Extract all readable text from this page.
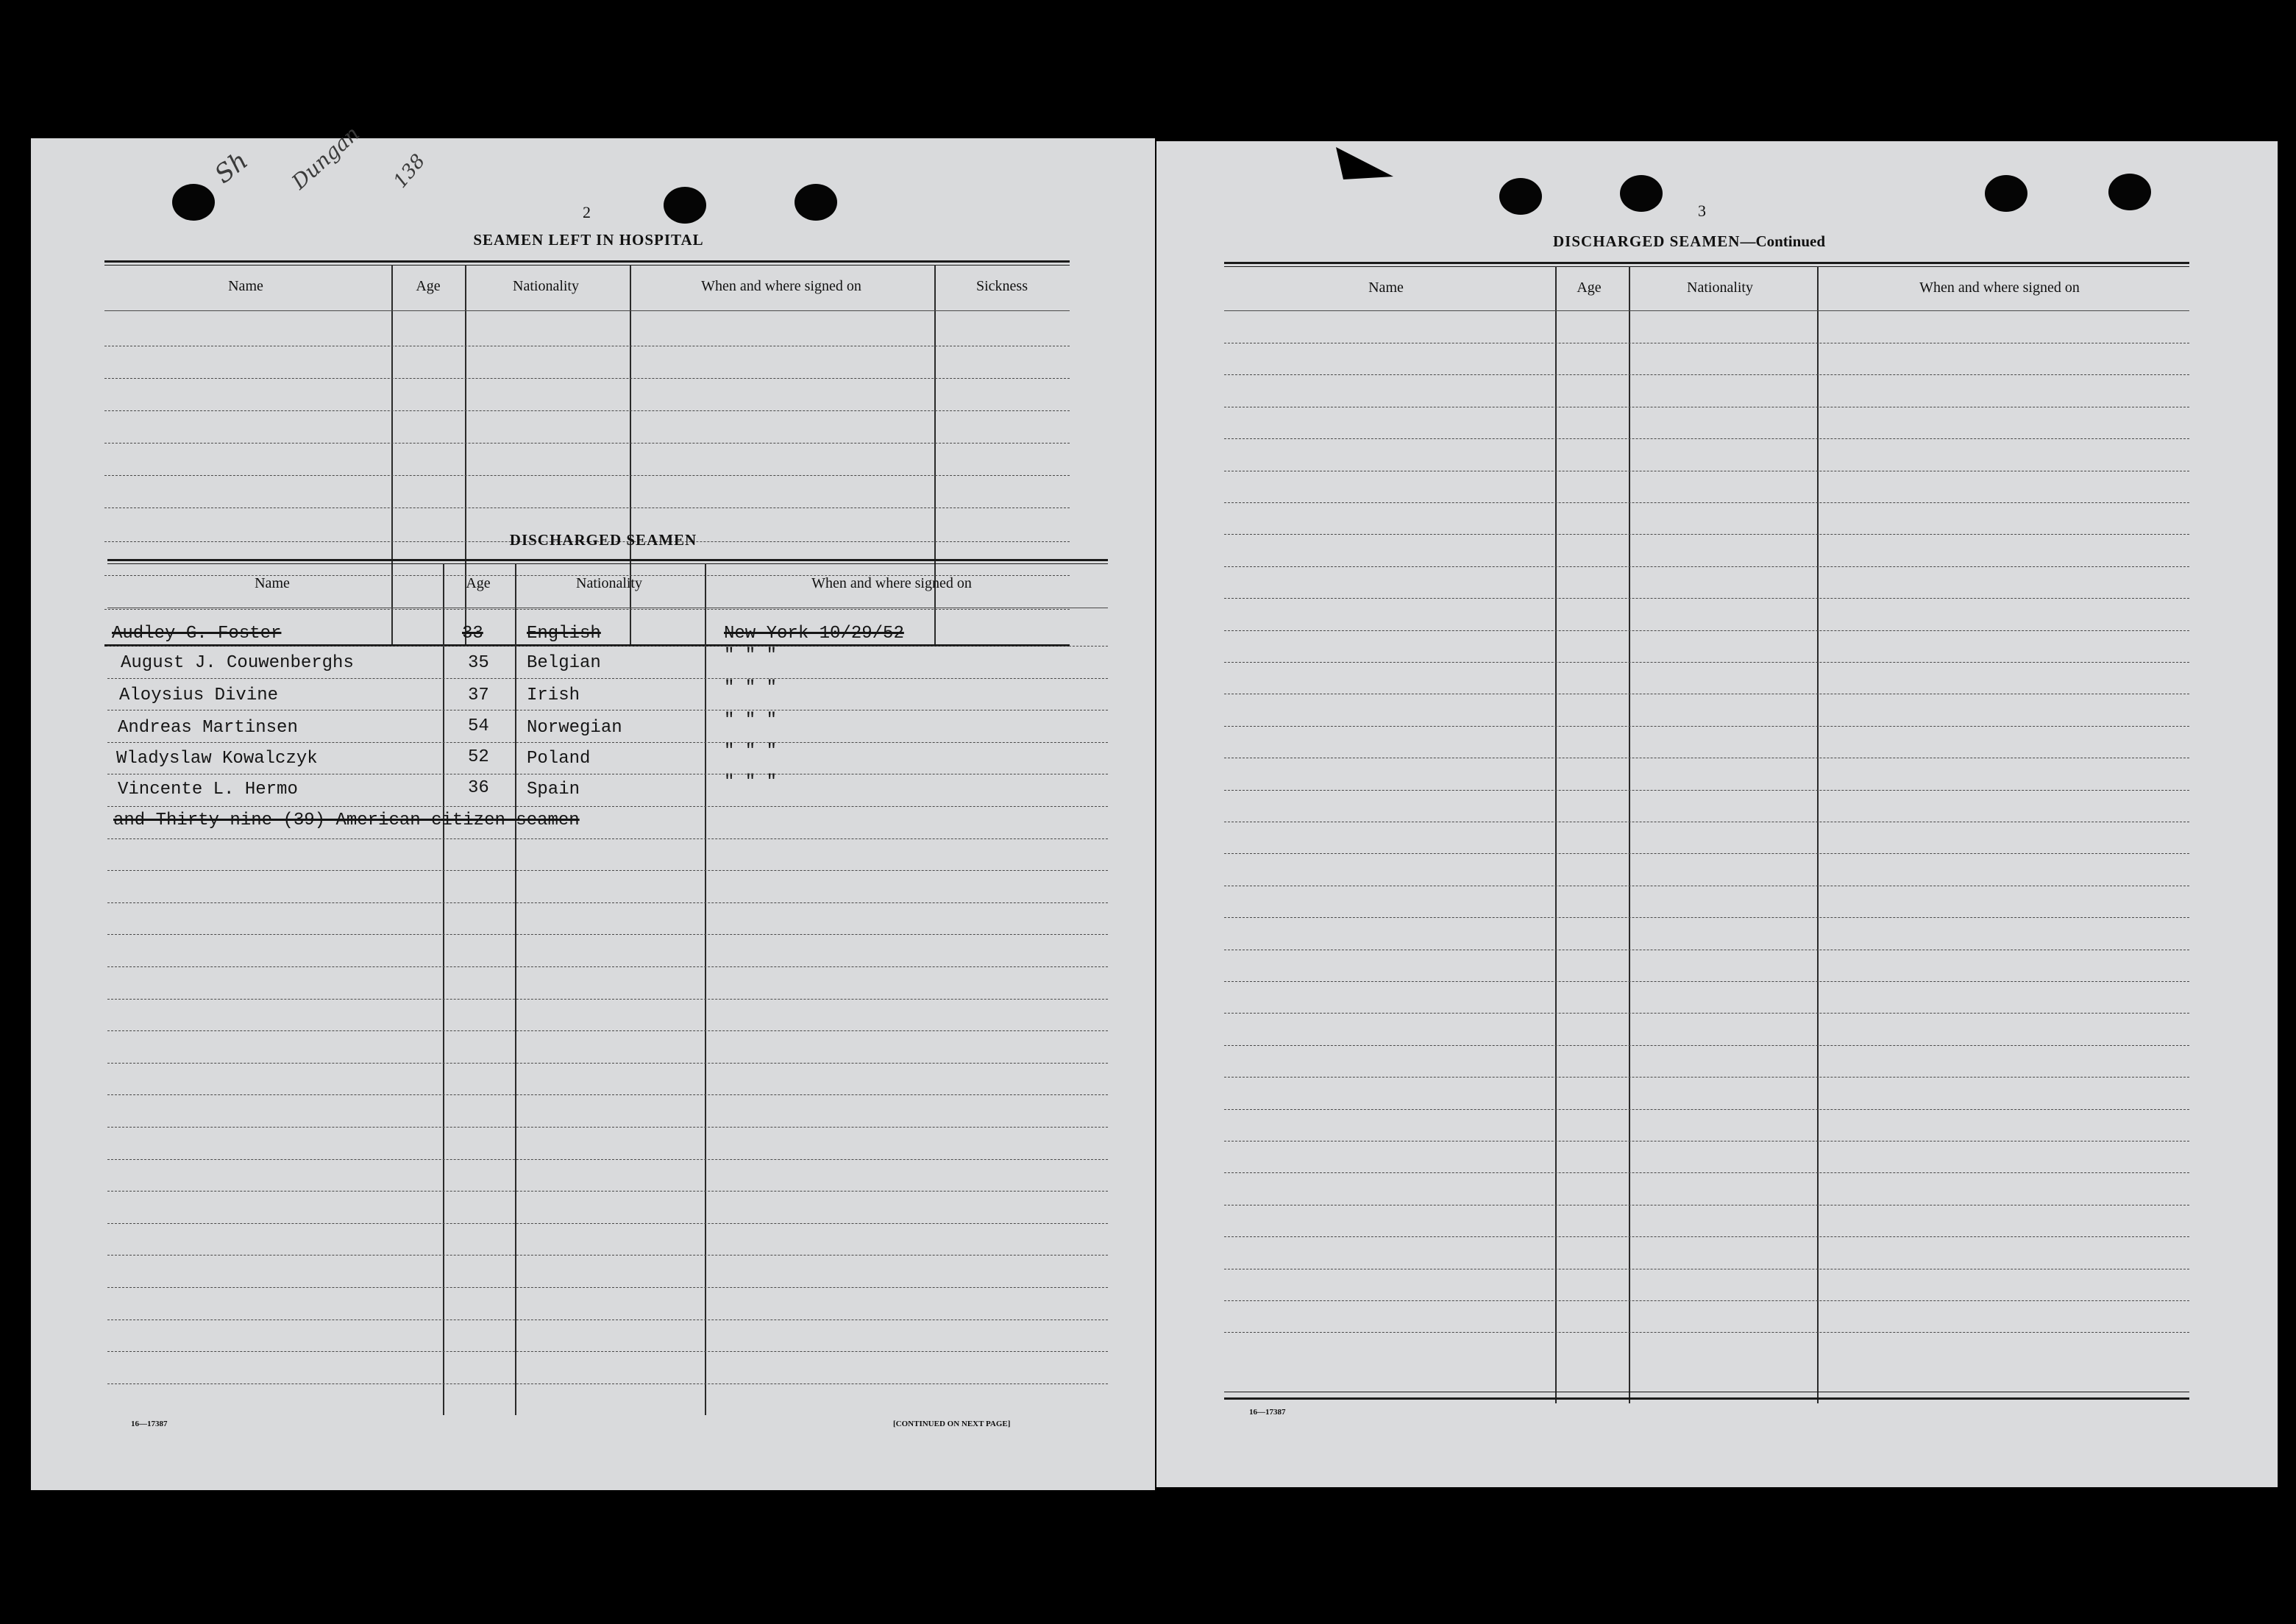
Sh Dungan 138
2
SEAMEN LEFT IN HOSPITAL
Name	Age	Nationality	When and where signed on	Sickness
DISCHARGED SEAMEN
Name	Age	Nationality	When and where signed on
Audley G. Foster	33 English	New York 10/29/52
August J. Couwenberghs	35 Belgian	" " "
Aloysius Divine	37 Irish	" " "
Andreas Martinsen	54 Norwegian	" " "
Wladyslaw Kowalczyk	52 Poland	" " "
Vincente L. Hermo	36 Spain	" " "
and Thirty-nine (39) American citizen seamen
16—17387	[CONTINUED ON NEXT PAGE]
3
DISCHARGED SEAMEN—Continued
Name	Age	Nationality	When and where signed on
16—17387
